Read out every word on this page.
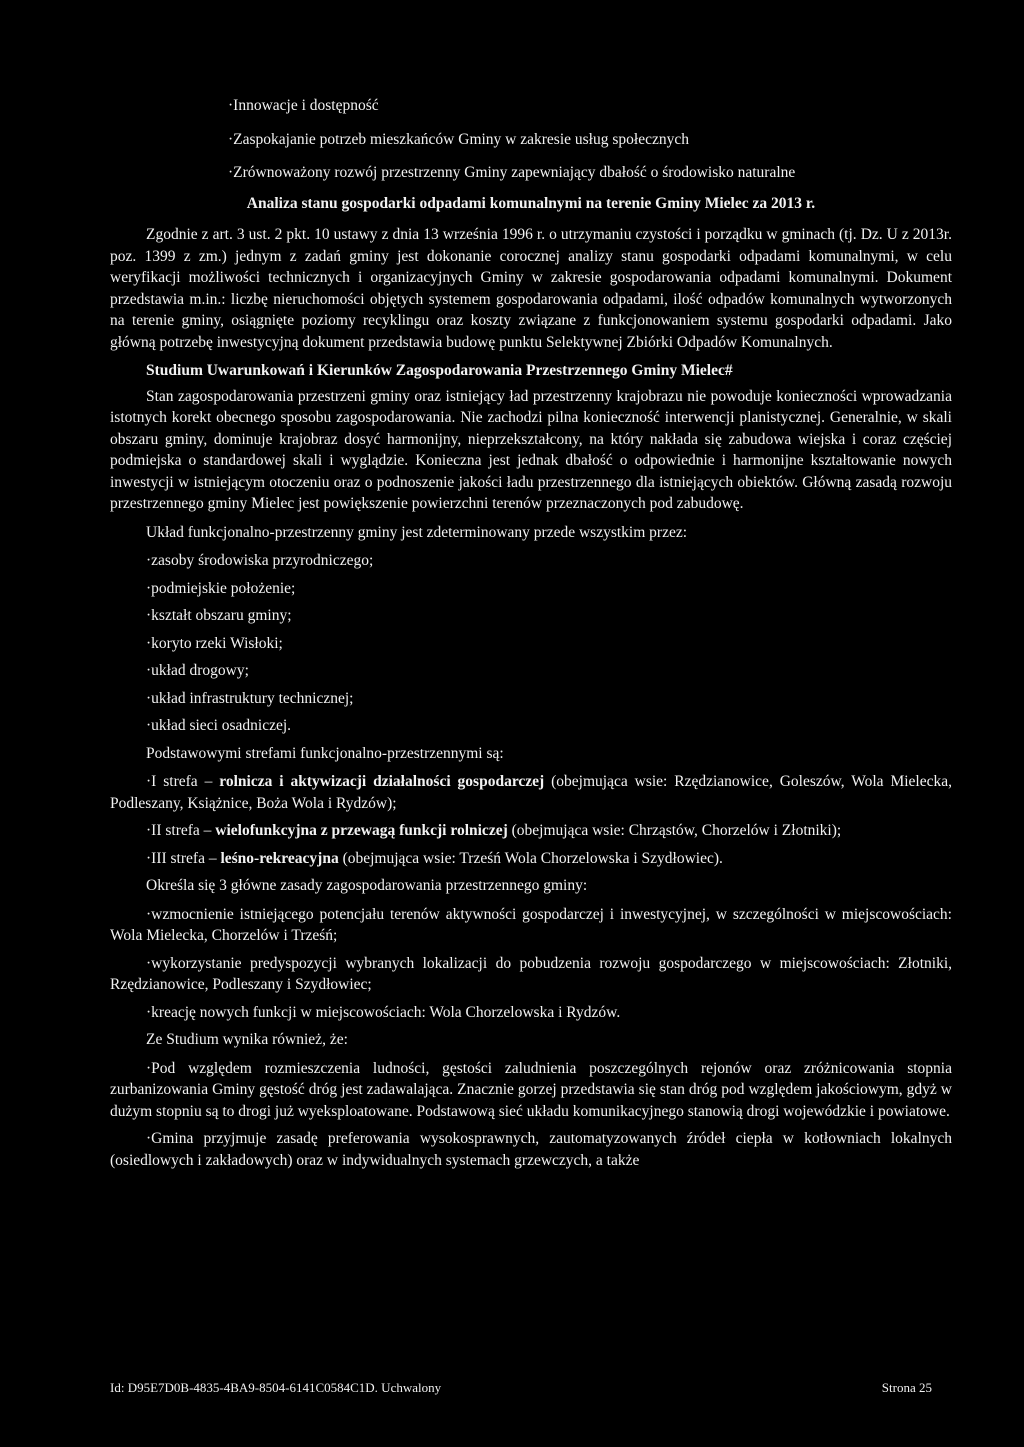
·Innowacje i dostępność

·Zaspokajanie potrzeb mieszkańców Gminy w zakresie usług społecznych

·Zrównoważony rozwój przestrzenny Gminy zapewniający dbałość o środowisko naturalne

Analiza stanu gospodarki odpadami komunalnymi na terenie Gminy Mielec za 2013 r.

Zgodnie z art. 3 ust. 2 pkt. 10 ustawy z dnia 13 września 1996 r. o utrzymaniu czystości i porządku w gminach (tj. Dz. U z 2013r. poz. 1399 z zm.) jednym z zadań gminy jest dokonanie corocznej analizy stanu gospodarki odpadami komunalnymi, w celu weryfikacji możliwości technicznych i organizacyjnych Gminy w zakresie gospodarowania odpadami komunalnymi. Dokument przedstawia m.in.: liczbę nieruchomości objętych systemem gospodarowania odpadami, ilość odpadów komunalnych wytworzonych na terenie gminy, osiągnięte poziomy recyklingu oraz koszty związane z funkcjonowaniem systemu gospodarki odpadami. Jako główną potrzebę inwestycyjną dokument przedstawia budowę punktu Selektywnej Zbiórki Odpadów Komunalnych.

Studium Uwarunkowań i Kierunków Zagospodarowania Przestrzennego Gminy Mielec#

Stan zagospodarowania przestrzeni gminy oraz istniejący ład przestrzenny krajobrazu nie powoduje konieczności wprowadzania istotnych korekt obecnego sposobu zagospodarowania. Nie zachodzi pilna konieczność interwencji planistycznej. Generalnie, w skali obszaru gminy, dominuje krajobraz dosyć harmonijny, nieprzekształcony, na który nakłada się zabudowa wiejska i coraz częściej podmiejska o standardowej skali i wyglądzie. Konieczna jest jednak dbałość o odpowiednie i harmonijne kształtowanie nowych inwestycji w istniejącym otoczeniu oraz o podnoszenie jakości ładu przestrzennego dla istniejących obiektów. Główną zasadą rozwoju przestrzennego gminy Mielec jest powiększenie powierzchni terenów przeznaczonych pod zabudowę.

Układ funkcjonalno-przestrzenny gminy jest zdeterminowany przede wszystkim przez:

·zasoby środowiska przyrodniczego;

·podmiejskie położenie;

·kształt obszaru gminy;

·koryto rzeki Wisłoki;

·układ drogowy;

·układ infrastruktury technicznej;

·układ sieci osadniczej.

Podstawowymi strefami funkcjonalno-przestrzennymi są:

·I strefa – rolnicza i aktywizacji działalności gospodarczej (obejmująca wsie: Rzędzianowice, Goleszów, Wola Mielecka, Podleszany, Książnice, Boża Wola i Rydzów);

·II strefa – wielofunkcyjna z przewagą funkcji rolniczej (obejmująca wsie: Chrząstów, Chorzelów i Złotniki);

·III strefa – leśno-rekreacyjna (obejmująca wsie: Trześń Wola Chorzelowska i Szydłowiec).

Określa się 3 główne zasady zagospodarowania przestrzennego gminy:

·wzmocnienie istniejącego potencjału terenów aktywności gospodarczej i inwestycyjnej, w szczególności w miejscowościach: Wola Mielecka, Chorzelów i Trześń;

·wykorzystanie predyspozycji wybranych lokalizacji do pobudzenia rozwoju gospodarczego w miejscowościach: Złotniki, Rzędzianowice, Podleszany i Szydłowiec;

·kreację nowych funkcji w miejscowościach: Wola Chorzelowska i Rydzów.

Ze Studium wynika również, że:

·Pod względem rozmieszczenia ludności, gęstości zaludnienia poszczególnych rejonów oraz zróżnicowania stopnia zurbanizowania Gminy gęstość dróg jest zadawalająca. Znacznie gorzej przedstawia się stan dróg pod względem jakościowym, gdyż w dużym stopniu są to drogi już wyeksploatowane. Podstawową sieć układu komunikacyjnego stanowią drogi wojewódzkie i powiatowe.

·Gmina przyjmuje zasadę preferowania wysokosprawnych, zautomatyzowanych źródeł ciepła w kotłowniach lokalnych (osiedlowych i zakładowych) oraz w indywidualnych systemach grzewczych, a także

Id: D95E7D0B-4835-4BA9-8504-6141C0584C1D. Uchwalony	Strona 25
